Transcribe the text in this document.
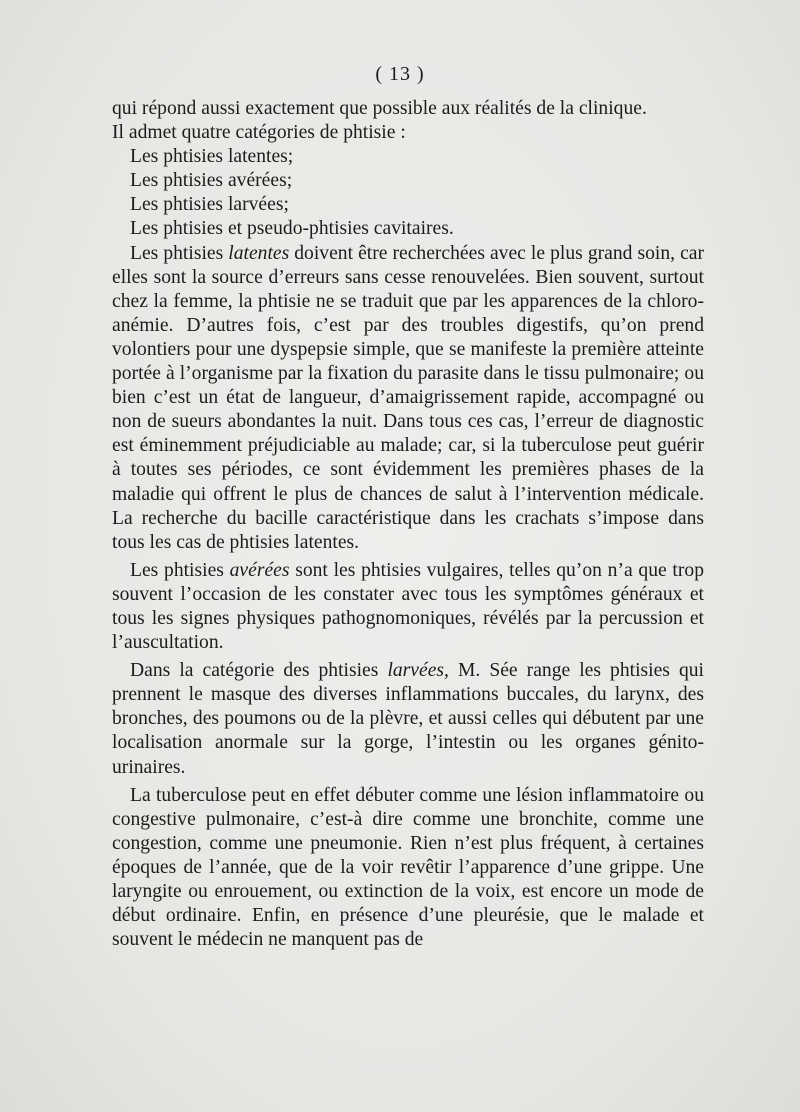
( 13 )

qui répond aussi exactement que possible aux réalités de la clinique.

Il admet quatre catégories de phtisie :

Les phtisies latentes;

Les phtisies avérées;

Les phtisies larvées;

Les phtisies et pseudo-phtisies cavitaires.

Les phtisies latentes doivent être recherchées avec le plus grand soin, car elles sont la source d’erreurs sans cesse renouvelées. Bien souvent, surtout chez la femme, la phtisie ne se traduit que par les apparences de la chloro-anémie. D’autres fois, c’est par des troubles digestifs, qu’on prend volontiers pour une dyspepsie simple, que se manifeste la première atteinte portée à l’organisme par la fixation du parasite dans le tissu pulmonaire; ou bien c’est un état de langueur, d’amaigrissement rapide, accompagné ou non de sueurs abondantes la nuit. Dans tous ces cas, l’erreur de diagnostic est éminemment préjudiciable au malade; car, si la tuberculose peut guérir à toutes ses périodes, ce sont évidemment les premières phases de la maladie qui offrent le plus de chances de salut à l’intervention médicale. La recherche du bacille caractéristique dans les crachats s’impose dans tous les cas de phtisies latentes.

Les phtisies avérées sont les phtisies vulgaires, telles qu’on n’a que trop souvent l’occasion de les constater avec tous les symptômes généraux et tous les signes physiques pathognomoniques, révélés par la percussion et l’auscultation.

Dans la catégorie des phtisies larvées, M. Sée range les phtisies qui prennent le masque des diverses inflammations buccales, du larynx, des bronches, des poumons ou de la plèvre, et aussi celles qui débutent par une localisation anormale sur la gorge, l’intestin ou les organes génito-urinaires.

La tuberculose peut en effet débuter comme une lésion inflammatoire ou congestive pulmonaire, c’est-à dire comme une bronchite, comme une congestion, comme une pneumonie. Rien n’est plus fréquent, à certaines époques de l’année, que de la voir revêtir l’apparence d’une grippe. Une laryngite ou enrouement, ou extinction de la voix, est encore un mode de début ordinaire. Enfin, en présence d’une pleurésie, que le malade et souvent le médecin ne manquent pas de
